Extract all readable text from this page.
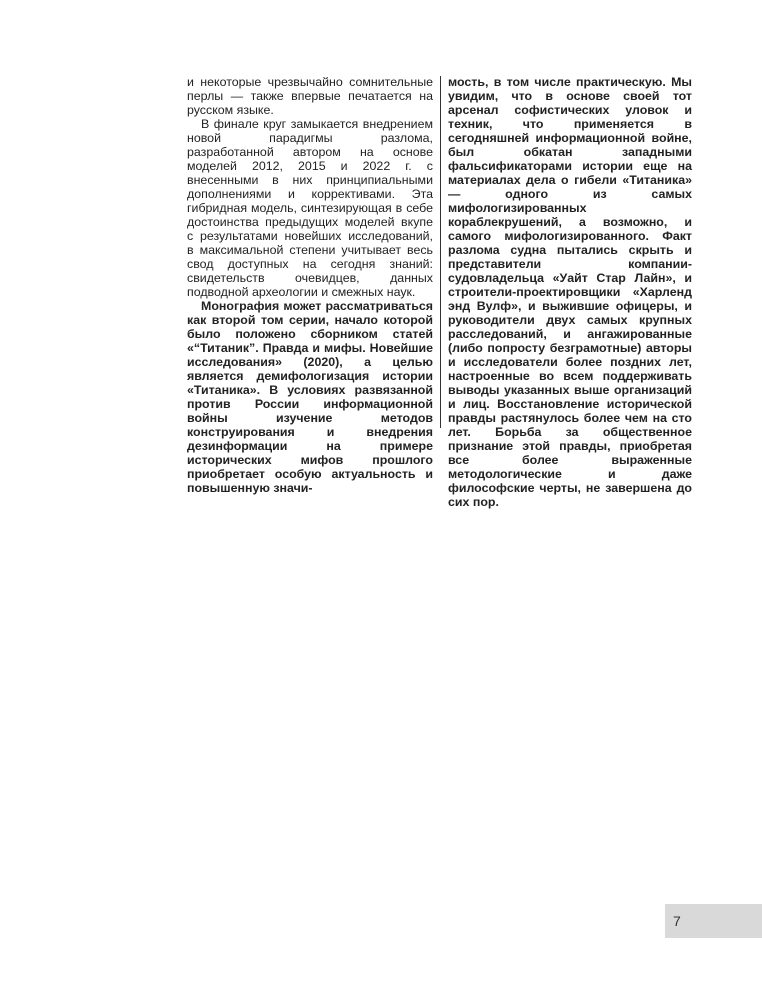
и некоторые чрезвычайно сомнительные перлы — также впервые печатается на русском языке.

В финале круг замыкается внедрением новой парадигмы разлома, разработанной автором на основе моделей 2012, 2015 и 2022 г. с внесенными в них принципиальными дополнениями и коррективами. Эта гибридная модель, синтезирующая в себе достоинства предыдущих моделей вкупе с результатами новейших исследований, в максимальной степени учитывает весь свод доступных на сегодня знаний: свидетельств очевидцев, данных подводной археологии и смежных наук.

Монография может рассматриваться как второй том серии, начало которой было положено сборником статей «“Титаник”. Правда и мифы. Новейшие исследования» (2020), а целью является демифологизация истории «Титаника». В условиях развязанной против России информационной войны изучение методов конструирования и внедрения дезинформации на примере исторических мифов прошлого приобретает особую актуальность и повышенную значи-

мость, в том числе практическую. Мы увидим, что в основе своей тот арсенал софистических уловок и техник, что применяется в сегодняшней информационной войне, был обкатан западными фальсификаторами истории еще на материалах дела о гибели «Титаника» — одного из самых мифологизированных кораблекрушений, а возможно, и самого мифологизированного. Факт разлома судна пытались скрыть и представители компании-судовладельца «Уайт Стар Лайн», и строители-проектировщики «Харленд энд Вулф», и выжившие офицеры, и руководители двух самых крупных расследований, и ангажированные (либо попросту безграмотные) авторы и исследователи более поздних лет, настроенные во всем поддерживать выводы указанных выше организаций и лиц. Восстановление исторической правды растянулось более чем на сто лет. Борьба за общественное признание этой правды, приобретая все более выраженные методологические и даже философские черты, не завершена до сих пор.

7
